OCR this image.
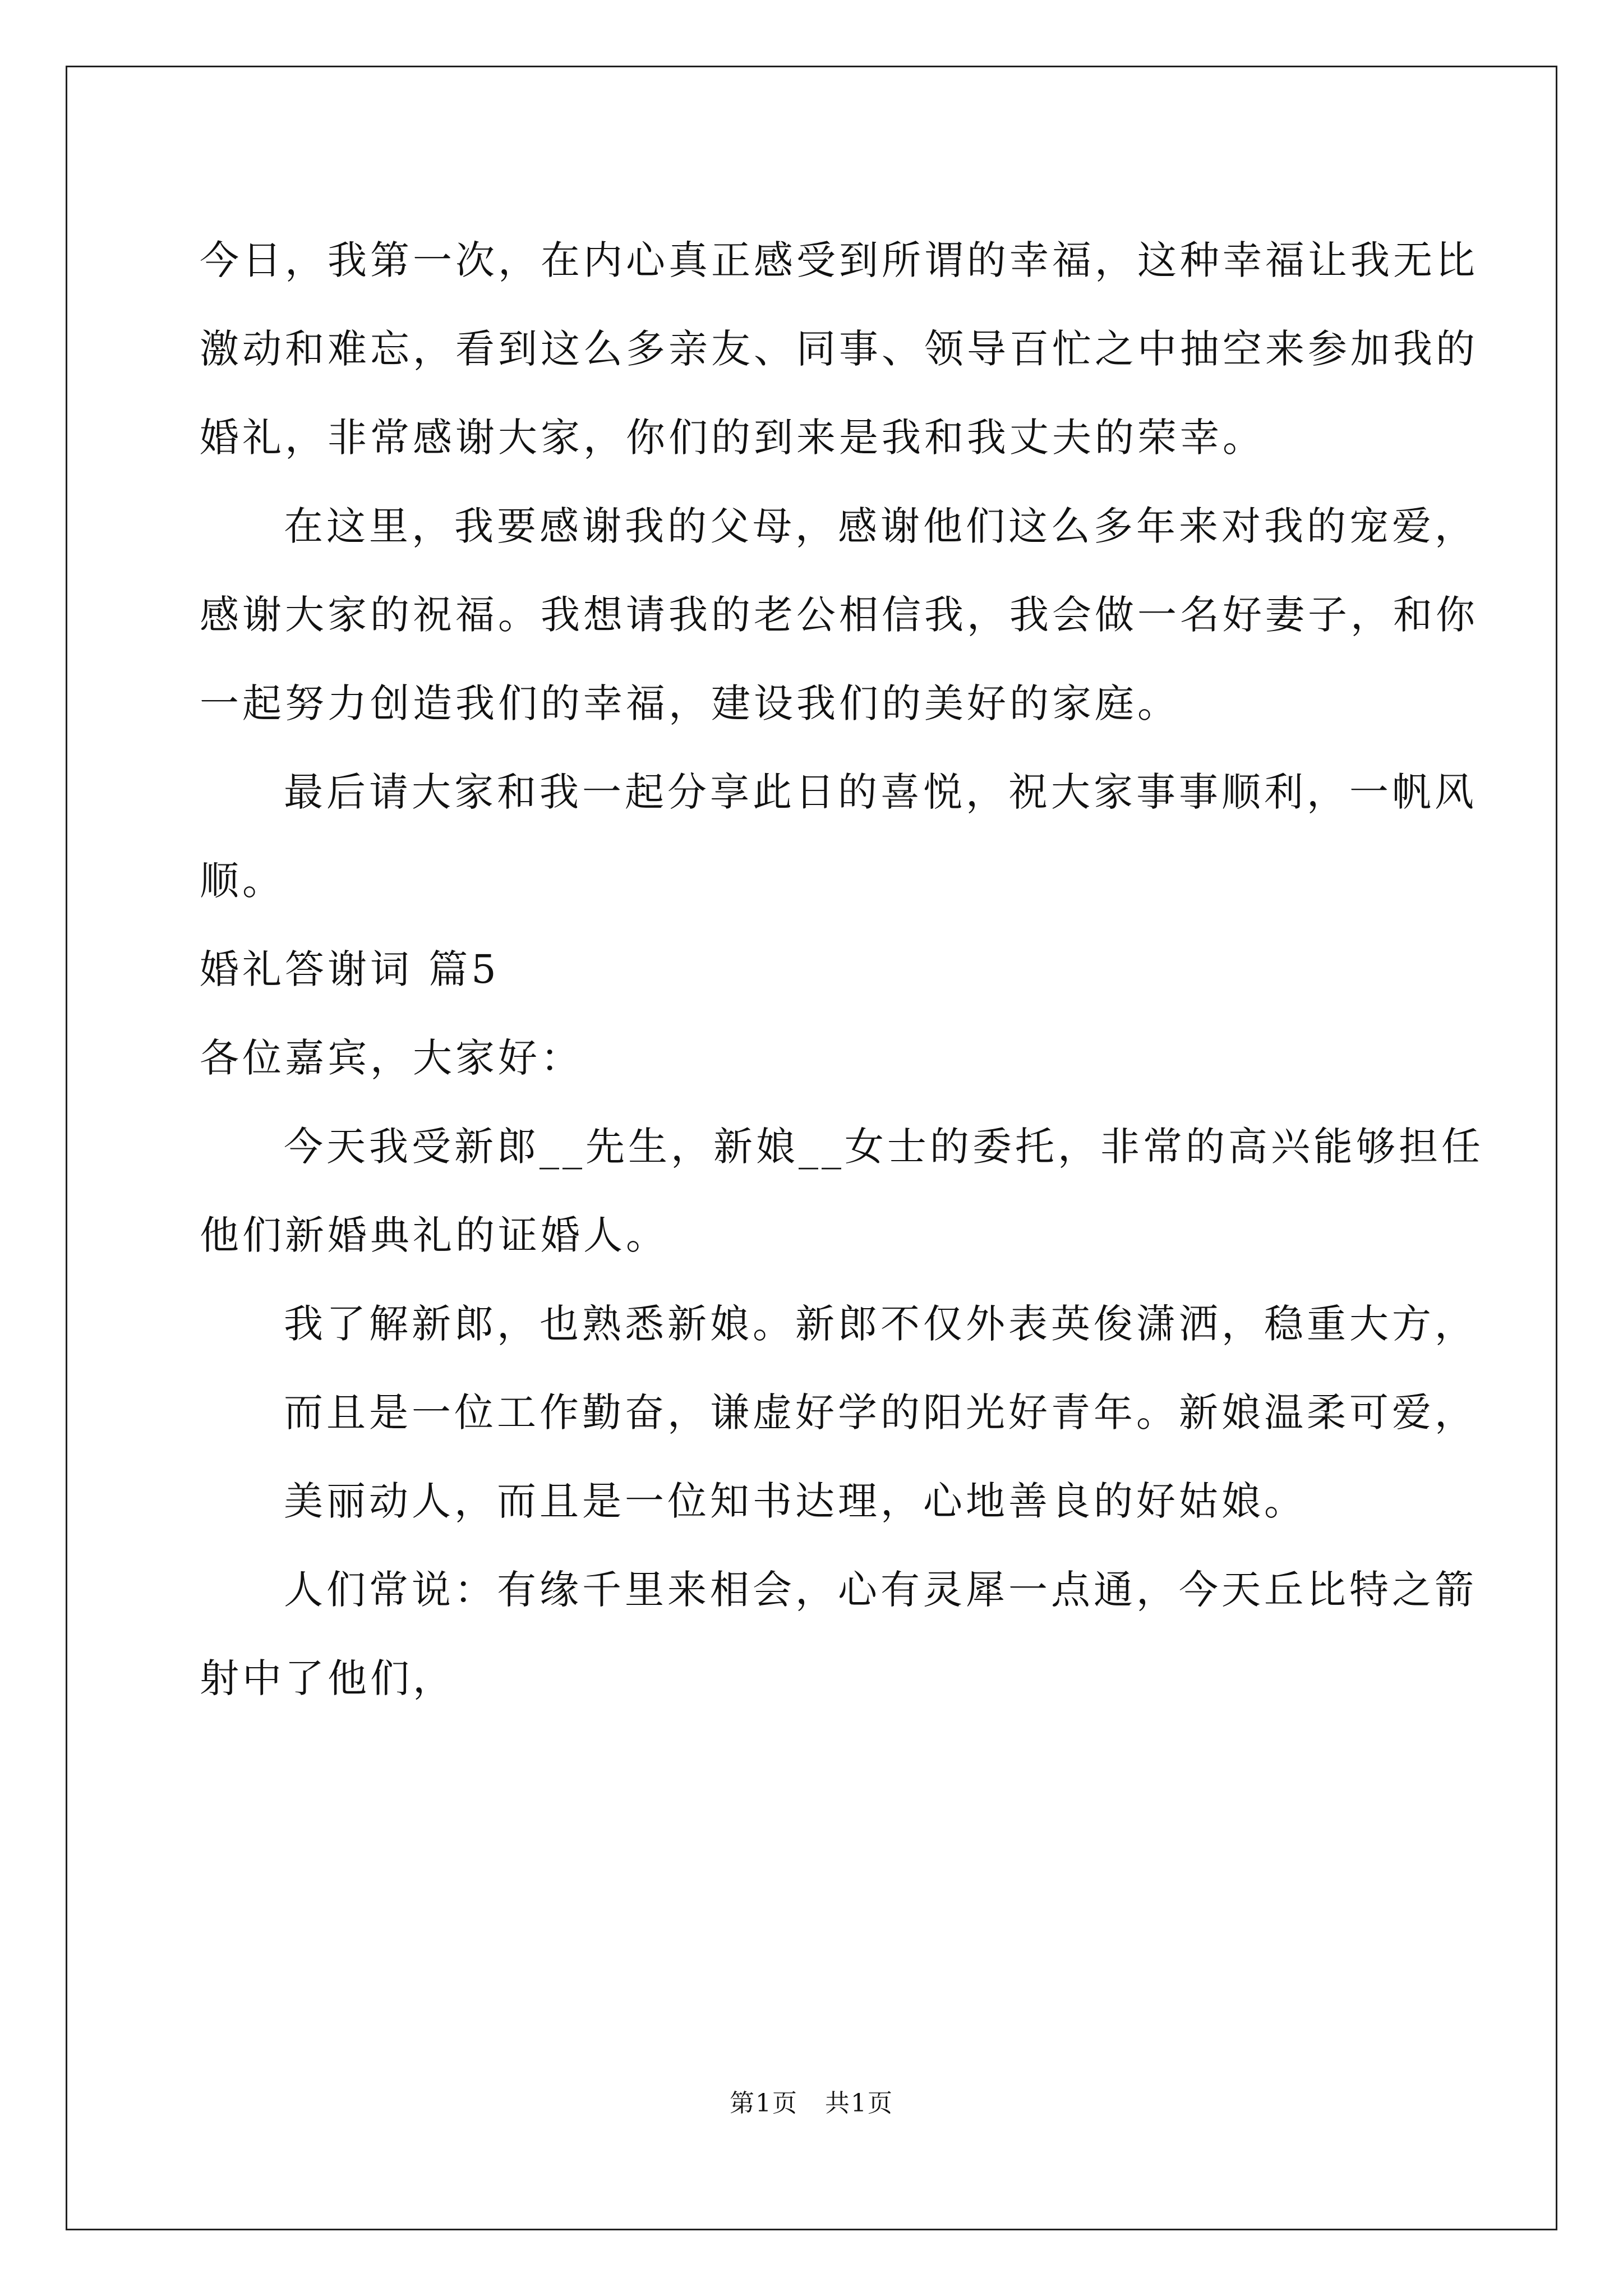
今日，我第一次，在内心真正感受到所谓的幸福，这种幸福让我无比
激动和难忘，看到这么多亲友、同事、领导百忙之中抽空来参加我的
婚礼，非常感谢大家，你们的到来是我和我丈夫的荣幸。
在这里，我要感谢我的父母，感谢他们这么多年来对我的宠爱，
感谢大家的祝福。我想请我的老公相信我，我会做一名好妻子，和你
一起努力创造我们的幸福，建设我们的美好的家庭。
最后请大家和我一起分享此日的喜悦，祝大家事事顺利，一帆风
顺。
婚礼答谢词 篇5
各位嘉宾，大家好：
今天我受新郎__先生，新娘__女士的委托，非常的高兴能够担任
他们新婚典礼的证婚人。
我了解新郎，也熟悉新娘。新郎不仅外表英俊潇洒，稳重大方，
而且是一位工作勤奋，谦虚好学的阳光好青年。新娘温柔可爱，
美丽动人，而且是一位知书达理，心地善良的好姑娘。
人们常说：有缘千里来相会，心有灵犀一点通，今天丘比特之箭
射中了他们，
第1页 共1页
